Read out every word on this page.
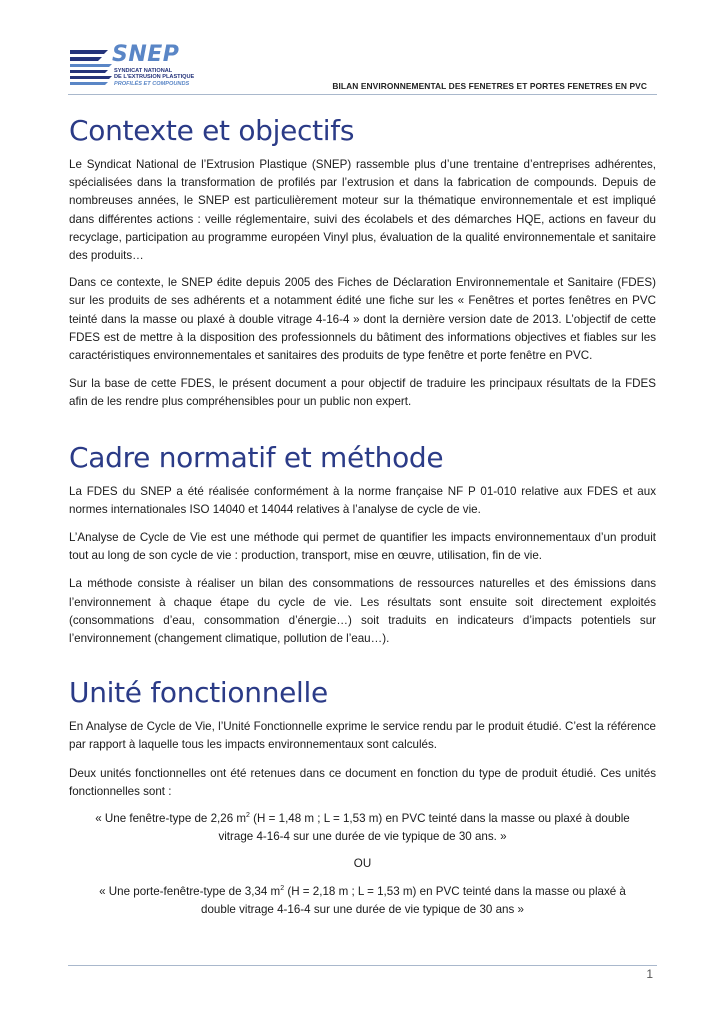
SNEP
SYNDICAT NATIONAL
DE L'EXTRUSION PLASTIQUE
PROFILÉS ET COMPOUNDS	BILAN ENVIRONNEMENTAL DES FENETRES ET PORTES FENETRES EN PVC
Contexte et objectifs

Le Syndicat National de l’Extrusion Plastique (SNEP) rassemble plus d’une trentaine d’entreprises adhérentes, spécialisées dans la transformation de profilés par l’extrusion et dans la fabrication de compounds. Depuis de nombreuses années, le SNEP est particulièrement moteur sur la thématique environnementale et est impliqué dans différentes actions : veille réglementaire, suivi des écolabels et des démarches HQE, actions en faveur du recyclage, participation au programme européen Vinyl plus, évaluation de la qualité environnementale et sanitaire des produits…

Dans ce contexte, le SNEP édite depuis 2005 des Fiches de Déclaration Environnementale et Sanitaire (FDES) sur les produits de ses adhérents et a notamment édité une fiche sur les « Fenêtres et portes fenêtres en PVC teinté dans la masse ou plaxé à double vitrage 4-16-4 » dont la dernière version date de 2013. L’objectif de cette FDES est de mettre à la disposition des professionnels du bâtiment des informations objectives et fiables sur les caractéristiques environnementales et sanitaires des produits de type fenêtre et porte fenêtre en PVC.

Sur la base de cette FDES, le présent document a pour objectif de traduire les principaux résultats de la FDES afin de les rendre plus compréhensibles pour un public non expert.

Cadre normatif et méthode

La FDES du SNEP a été réalisée conformément à la norme française NF P 01-010 relative aux FDES et aux normes internationales ISO 14040 et 14044 relatives à l’analyse de cycle de vie.

L’Analyse de Cycle de Vie est une méthode qui permet de quantifier les impacts environnementaux d’un produit tout au long de son cycle de vie : production, transport, mise en œuvre, utilisation, fin de vie.

La méthode consiste à réaliser un bilan des consommations de ressources naturelles et des émissions dans l’environnement à chaque étape du cycle de vie. Les résultats sont ensuite soit directement exploités (consommations d’eau, consommation d’énergie…) soit traduits en indicateurs d’impacts potentiels sur l’environnement (changement climatique, pollution de l’eau…).

Unité fonctionnelle

En Analyse de Cycle de Vie, l’Unité Fonctionnelle exprime le service rendu par le produit étudié. C’est la référence par rapport à laquelle tous les impacts environnementaux sont calculés.

Deux unités fonctionnelles ont été retenues dans ce document en fonction du type de produit étudié. Ces unités fonctionnelles sont :

« Une fenêtre-type de 2,26 $m^2$ (H = 1,48 m ; L = 1,53 m) en PVC teinté dans la masse ou plaxé à double
vitrage 4-16-4 sur une durée de vie typique de 30 ans. »

OU

« Une porte-fenêtre-type de 3,34 $m^2$ (H = 2,18 m ; L = 1,53 m) en PVC teinté dans la masse ou plaxé à
double vitrage 4-16-4 sur une durée de vie typique de 30 ans »

1
